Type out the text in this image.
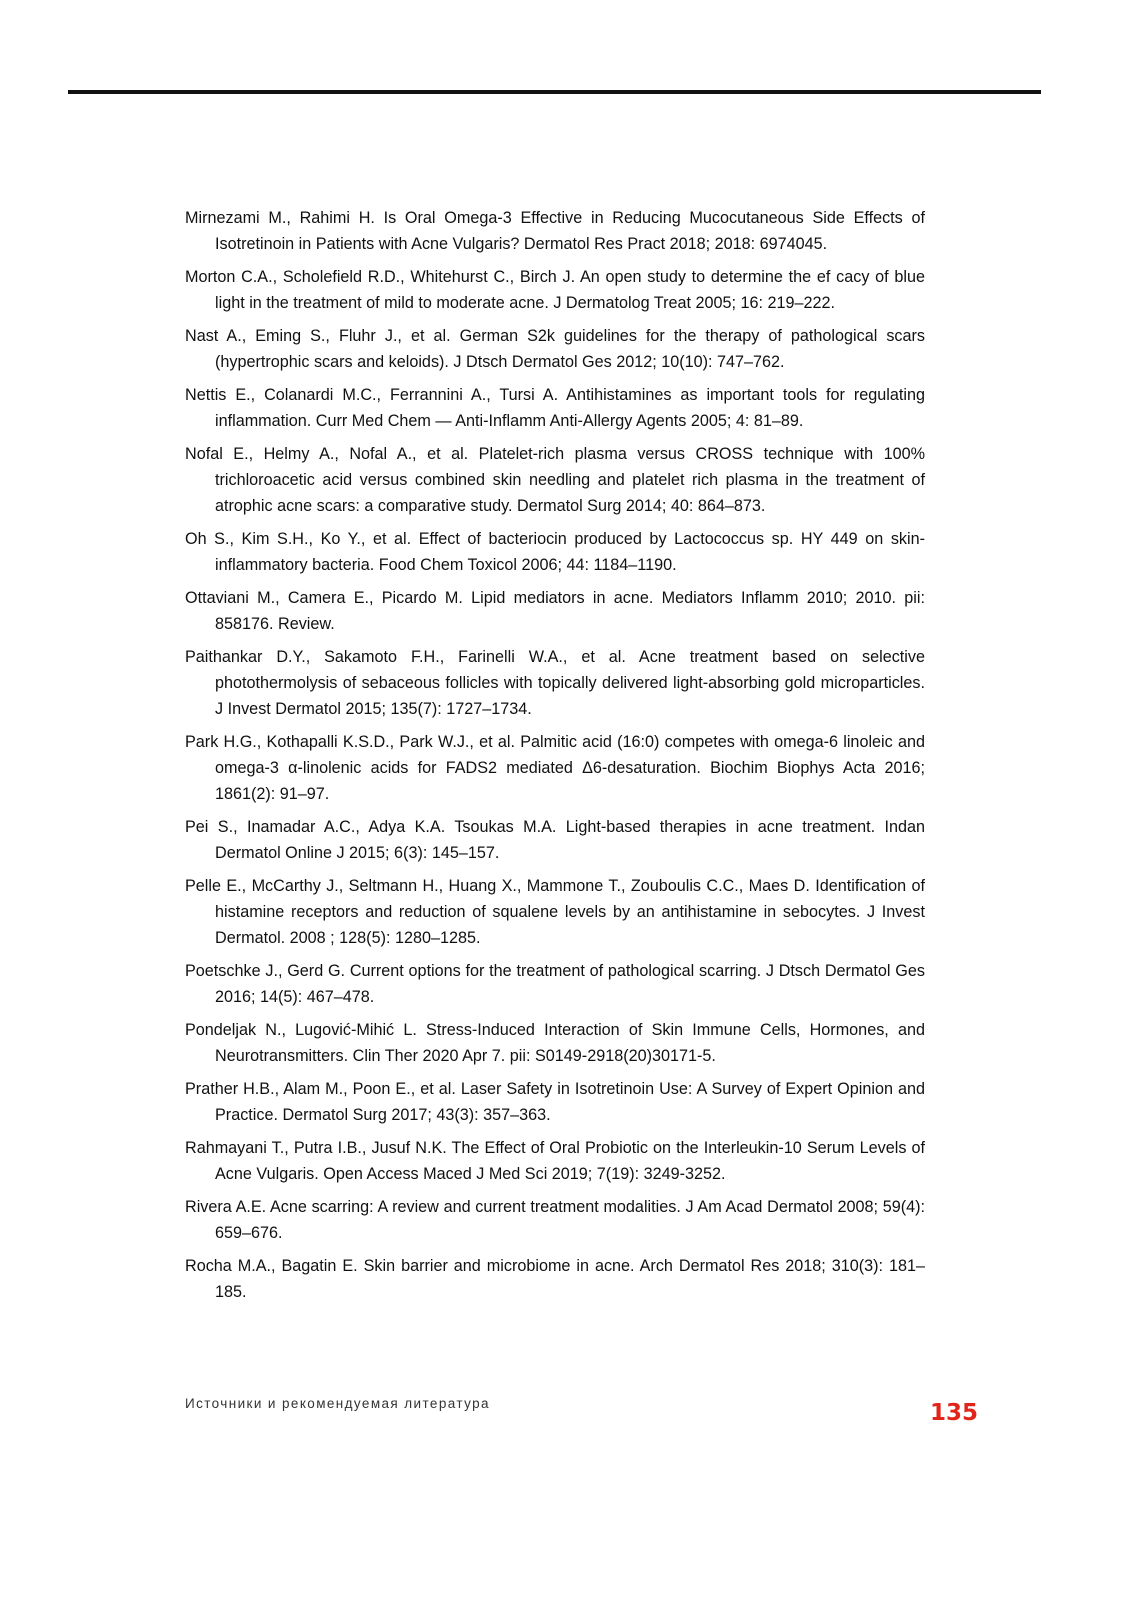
Mirnezami M., Rahimi H. Is Oral Omega-3 Effective in Reducing Mucocutaneous Side Effects of Isotretinoin in Patients with Acne Vulgaris? Dermatol Res Pract 2018; 2018: 6974045.
Morton C.A., Scholefield R.D., Whitehurst C., Birch J. An open study to determine the ef cacy of blue light in the treatment of mild to moderate acne. J Dermatolog Treat 2005; 16: 219–222.
Nast A., Eming S., Fluhr J., et al. German S2k guidelines for the therapy of pathological scars (hypertrophic scars and keloids). J Dtsch Dermatol Ges 2012; 10(10): 747–762.
Nettis E., Colanardi M.C., Ferrannini A., Tursi A. Antihistamines as important tools for regulating inflammation. Curr Med Chem — Anti-Inflamm Anti-Allergy Agents 2005; 4: 81–89.
Nofal E., Helmy A., Nofal A., et al. Platelet-rich plasma versus CROSS technique with 100% trichloroacetic acid versus combined skin needling and platelet rich plasma in the treatment of atrophic acne scars: a comparative study. Dermatol Surg 2014; 40: 864–873.
Oh S., Kim S.H., Ko Y., et al. Effect of bacteriocin produced by Lactococcus sp. HY 449 on skin-inflammatory bacteria. Food Chem Toxicol 2006; 44: 1184–1190.
Ottaviani M., Camera E., Picardo M. Lipid mediators in acne. Mediators Inflamm 2010; 2010. pii: 858176. Review.
Paithankar D.Y., Sakamoto F.H., Farinelli W.A., et al. Acne treatment based on selective photothermolysis of sebaceous follicles with topically delivered light-absorbing gold microparticles. J Invest Dermatol 2015; 135(7): 1727–1734.
Park H.G., Kothapalli K.S.D., Park W.J., et al. Palmitic acid (16:0) competes with omega-6 linoleic and omega-3 α-linolenic acids for FADS2 mediated Δ6-desaturation. Biochim Biophys Acta 2016; 1861(2): 91–97.
Pei S., Inamadar A.C., Adya K.A. Tsoukas M.A. Light-based therapies in acne treatment. Indan Dermatol Online J 2015; 6(3): 145–157.
Pelle E., McCarthy J., Seltmann H., Huang X., Mammone T., Zouboulis C.C., Maes D. Identification of histamine receptors and reduction of squalene levels by an antihistamine in sebocytes. J Invest Dermatol. 2008 ; 128(5): 1280–1285.
Poetschke J., Gerd G. Current options for the treatment of pathological scarring. J Dtsch Dermatol Ges 2016; 14(5): 467–478.
Pondeljak N., Lugović-Mihić L. Stress-Induced Interaction of Skin Immune Cells, Hormones, and Neurotransmitters. Clin Ther 2020 Apr 7. pii: S0149-2918(20)30171-5.
Prather H.B., Alam M., Poon E., et al. Laser Safety in Isotretinoin Use: A Survey of Expert Opinion and Practice. Dermatol Surg 2017; 43(3): 357–363.
Rahmayani T., Putra I.B., Jusuf N.K. The Effect of Oral Probiotic on the Interleukin-10 Serum Levels of Acne Vulgaris. Open Access Maced J Med Sci 2019; 7(19): 3249-3252.
Rivera A.E. Acne scarring: A review and current treatment modalities. J Am Acad Dermatol 2008; 59(4): 659–676.
Rocha M.A., Bagatin E. Skin barrier and microbiome in acne. Arch Dermatol Res 2018; 310(3): 181–185.
Источники и рекомендуемая литература	135
